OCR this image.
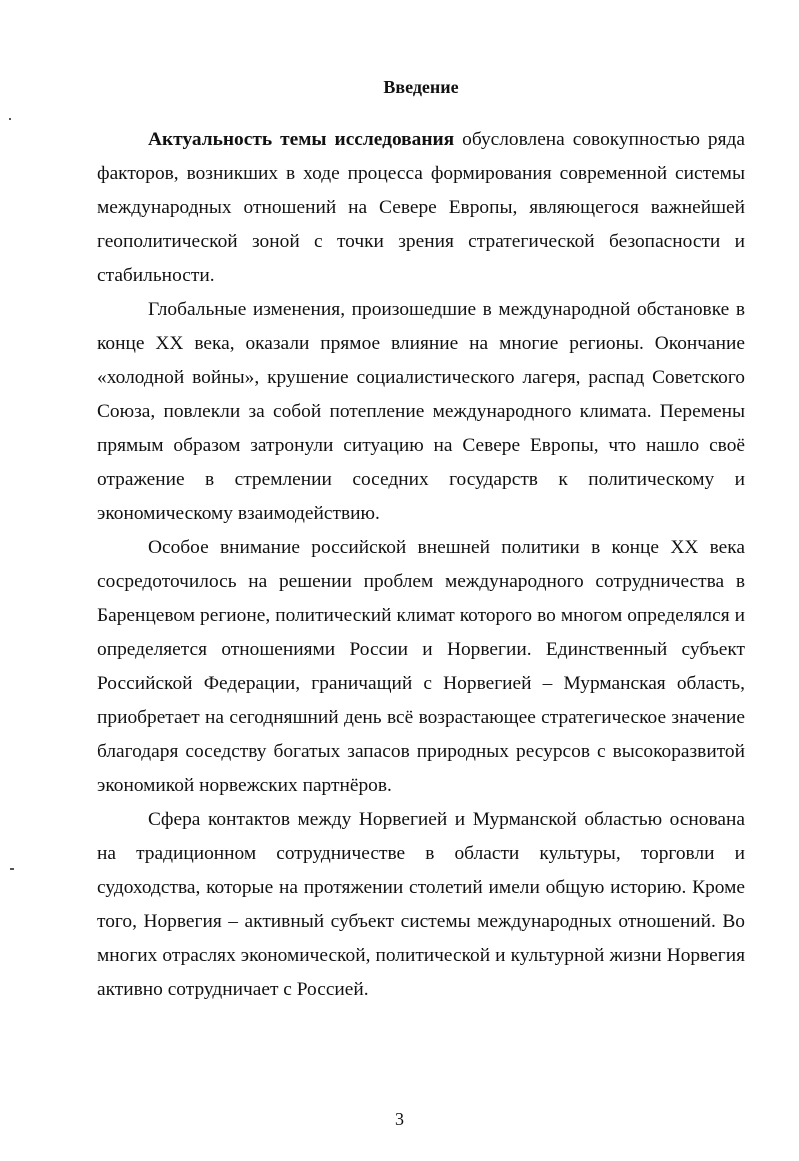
Введение

Актуальность темы исследования обусловлена совокупностью ряда факторов, возникших в ходе процесса формирования современной системы международных отношений на Севере Европы, являющегося важнейшей геополитической зоной с точки зрения стратегической безопасности и стабильности.

Глобальные изменения, произошедшие в международной обстановке в конце XX века, оказали прямое влияние на многие регионы. Окончание «холодной войны», крушение социалистического лагеря, распад Советского Союза, повлекли за собой потепление международного климата. Перемены прямым образом затронули ситуацию на Севере Европы, что нашло своё отражение в стремлении соседних государств к политическому и экономическому взаимодействию.

Особое внимание российской внешней политики в конце XX века сосредоточилось на решении проблем международного сотрудничества в Баренцевом регионе, политический климат которого во многом определялся и определяется отношениями России и Норвегии. Единственный субъект Российской Федерации, граничащий с Норвегией – Мурманская область, приобретает на сегодняшний день всё возрастающее стратегическое значение благодаря соседству богатых запасов природных ресурсов с высокоразвитой экономикой норвежских партнёров.

Сфера контактов между Норвегией и Мурманской областью основана на традиционном сотрудничестве в области культуры, торговли и судоходства, которые на протяжении столетий имели общую историю. Кроме того, Норвегия – активный субъект системы международных отношений. Во многих отраслях экономической, политической и культурной жизни Норвегия активно сотрудничает с Россией.

3
